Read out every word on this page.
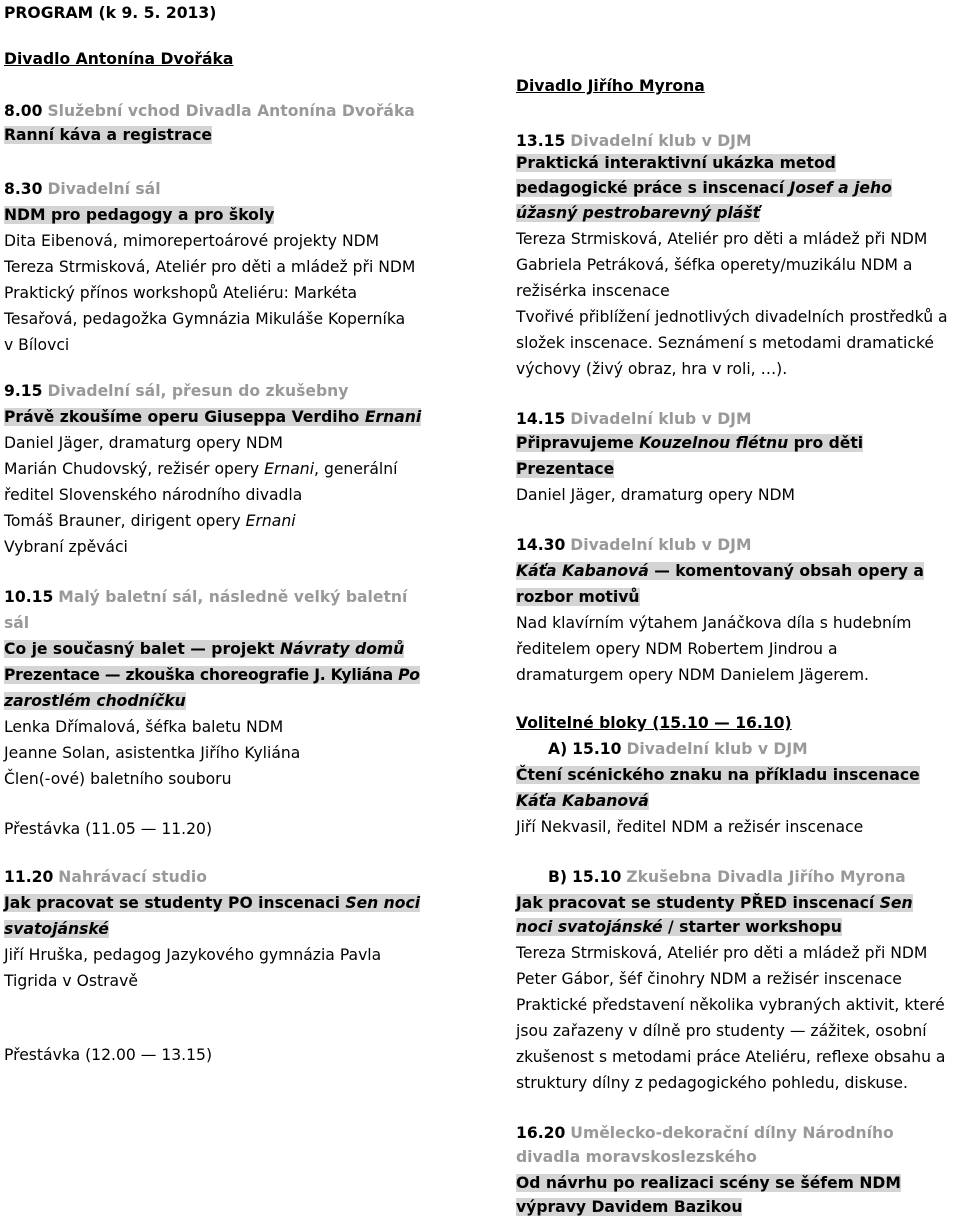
PROGRAM (k 9. 5. 2013)
Divadlo Antonína Dvořáka
8.00 Služební vchod Divadla Antonína Dvořáka
Ranní káva a registrace
8.30 Divadelní sál
NDM pro pedagogy a pro školy
Dita Eibenová, mimorepertoárové projekty NDM
Tereza Strmisková, Ateliér pro děti a mládež při NDM
Praktický přínos workshopů Ateliéru: Markéta
Tesařová, pedagožka Gymnázia Mikuláše Koperníka
v Bílovci
9.15 Divadelní sál, přesun do zkušebny
Právě zkoušíme operu Giuseppa Verdiho Ernani
Daniel Jäger, dramaturg opery NDM
Marián Chudovský, režisér opery Ernani, generální
ředitel Slovenského národního divadla
Tomáš Brauner, dirigent opery Ernani
Vybraní zpěváci
10.15 Malý baletní sál, následně velký baletní
sál
Co je současný balet — projekt Návraty domů
Prezentace — zkouška choreografie J. Kyliána Po
zarostlém chodníčku
Lenka Dřímalová, šéfka baletu NDM
Jeanne Solan, asistentka Jiřího Kyliána
Člen(-ové) baletního souboru
Přestávka (11.05 — 11.20)
11.20 Nahrávací studio
Jak pracovat se studenty PO inscenaci Sen noci
svatojánské
Jiří Hruška, pedagog Jazykového gymnázia Pavla
Tigrida v Ostravě
Přestávka (12.00 — 13.15)
Divadlo Jiřího Myrona
13.15 Divadelní klub v DJM
Praktická interaktivní ukázka metod
pedagogické práce s inscenací Josef a jeho
úžasný pestrobarevný plášť
Tereza Strmisková, Ateliér pro děti a mládež při NDM
Gabriela Petráková, šéfka operety/muzikálu NDM a
režisérka inscenace
Tvořivé přiblížení jednotlivých divadelních prostředků a
složek inscenace. Seznámení s metodami dramatické
výchovy (živý obraz, hra v roli, …).
14.15 Divadelní klub v DJM
Připravujeme Kouzelnou flétnu pro děti
Prezentace
Daniel Jäger, dramaturg opery NDM
14.30 Divadelní klub v DJM
Káťa Kabanová — komentovaný obsah opery a
rozbor motivů
Nad klavírním výtahem Janáčkova díla s hudebním
ředitelem opery NDM Robertem Jindrou a
dramaturgem opery NDM Danielem Jägerem.
Volitelné bloky (15.10 — 16.10)
A) 15.10 Divadelní klub v DJM
Čtení scénického znaku na příkladu inscenace
Káťa Kabanová
Jiří Nekvasil, ředitel NDM a režisér inscenace
B) 15.10 Zkušebna Divadla Jiřího Myrona
Jak pracovat se studenty PŘED inscenací Sen
noci svatojánské / starter workshopu
Tereza Strmisková, Ateliér pro děti a mládež při NDM
Peter Gábor, šéf činohry NDM a režisér inscenace
Praktické představení několika vybraných aktivit, které
jsou zařazeny v dílně pro studenty — zážitek, osobní
zkušenost s metodami práce Ateliéru, reflexe obsahu a
struktury dílny z pedagogického pohledu, diskuse.
16.20 Umělecko-dekorační dílny Národního
divadla moravskoslezského
Od návrhu po realizaci scény se šéfem NDM
výpravy Davidem Bazikou
